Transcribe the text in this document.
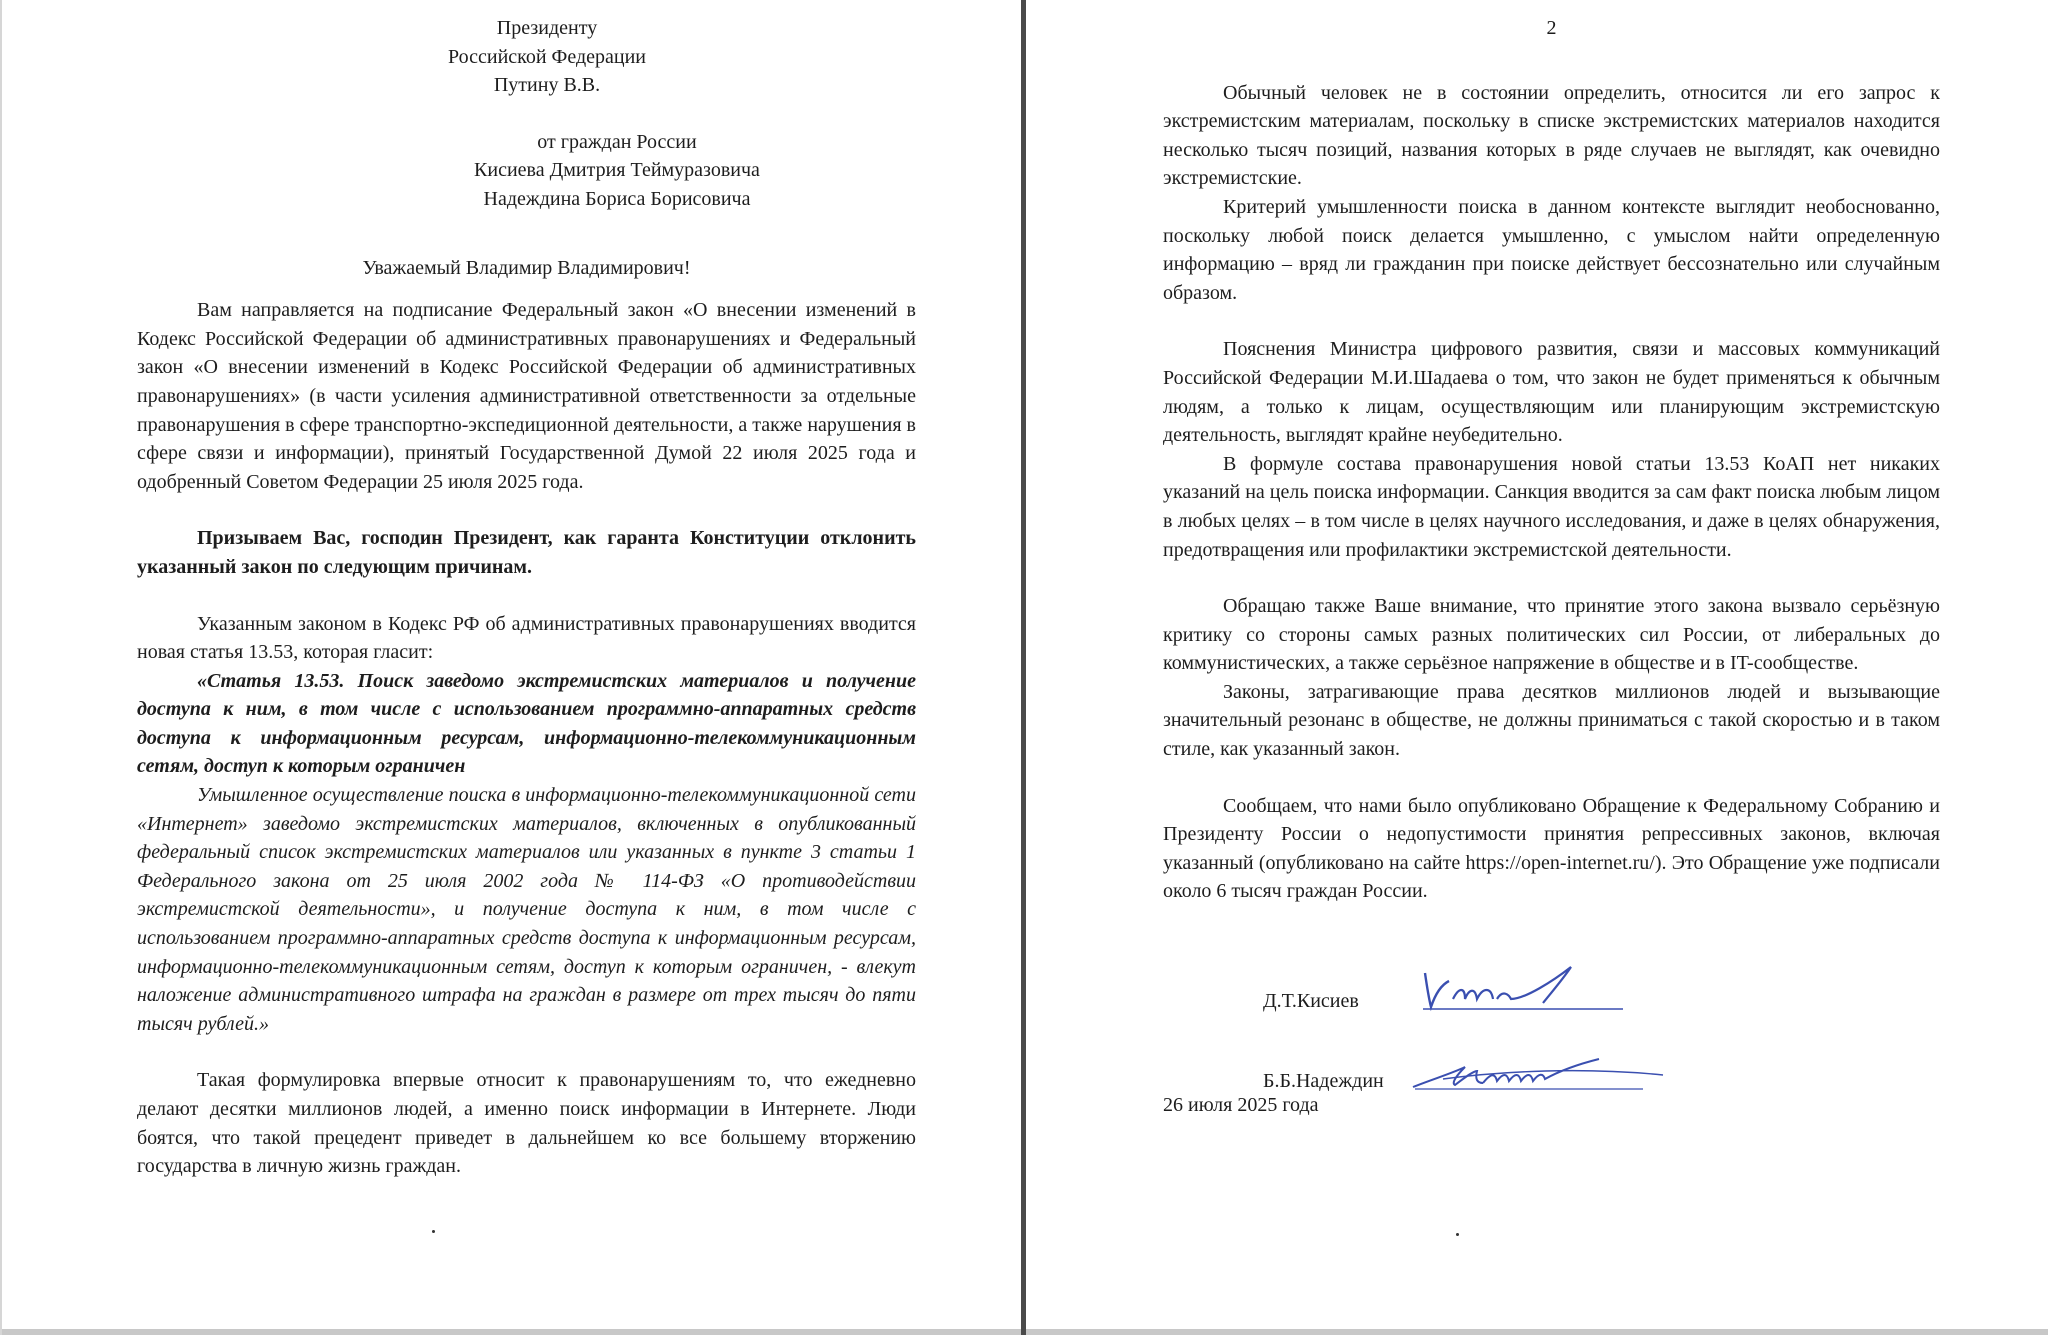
Президенту

Российской Федерации

Путину В.В.

от граждан России

Кисиева Дмитрия Теймуразовича

Надеждина Бориса Борисовича

Уважаемый Владимир Владимирович!

Вам направляется на подписание Федеральный закон «О внесении изменений в Кодекс Российской Федерации об административных правонарушениях и Федеральный закон «О внесении изменений в Кодекс Российской Федерации об административных правонарушениях» (в части усиления административной ответственности за отдельные правонарушения в сфере транспортно-экспедиционной деятельности, а также нарушения в сфере связи и информации), принятый Государственной Думой 22 июля 2025 года и одобренный Советом Федерации 25 июля 2025 года.

Призываем Вас, господин Президент, как гаранта Конституции отклонить указанный закон по следующим причинам.

Указанным законом в Кодекс РФ об административных правонарушениях вводится новая статья 13.53, которая гласит:

«Статья 13.53. Поиск заведомо экстремистских материалов и получение доступа к ним, в том числе с использованием программно-аппаратных средств доступа к информационным ресурсам, информационно-телекоммуникационным сетям, доступ к которым ограничен

Умышленное осуществление поиска в информационно-телекоммуникационной сети «Интернет» заведомо экстремистских материалов, включенных в опубликованный федеральный список экстремистских материалов или указанных в пункте 3 статьи 1 Федерального закона от 25 июля 2002 года № 114-ФЗ «О противодействии экстремистской деятельности», и получение доступа к ним, в том числе с использованием программно-аппаратных средств доступа к информационным ресурсам, информационно-телекоммуникационным сетям, доступ к которым ограничен, - влекут наложение административного штрафа на граждан в размере от трех тысяч до пяти тысяч рублей.»

Такая формулировка впервые относит к правонарушениям то, что ежедневно делают десятки миллионов людей, а именно поиск информации в Интернете. Люди боятся, что такой прецедент приведет в дальнейшем ко все большему вторжению государства в личную жизнь граждан.

2

Обычный человек не в состоянии определить, относится ли его запрос к экстремистским материалам, поскольку в списке экстремистских материалов находится несколько тысяч позиций, названия которых в ряде случаев не выглядят, как очевидно экстремистские.

Критерий умышленности поиска в данном контексте выглядит необоснованно, поскольку любой поиск делается умышленно, с умыслом найти определенную информацию – вряд ли гражданин при поиске действует бессознательно или случайным образом.

Пояснения Министра цифрового развития, связи и массовых коммуникаций Российской Федерации М.И.Шадаева о том, что закон не будет применяться к обычным людям, а только к лицам, осуществляющим или планирующим экстремистскую деятельность, выглядят крайне неубедительно.

В формуле состава правонарушения новой статьи 13.53 КоАП нет никаких указаний на цель поиска информации. Санкция вводится за сам факт поиска любым лицом в любых целях – в том числе в целях научного исследования, и даже в целях обнаружения, предотвращения или профилактики экстремистской деятельности.

Обращаю также Ваше внимание, что принятие этого закона вызвало серьёзную критику со стороны самых разных политических сил России, от либеральных до коммунистических, а также серьёзное напряжение в обществе и в IT-сообществе.

Законы, затрагивающие права десятков миллионов людей и вызывающие значительный резонанс в обществе, не должны приниматься с такой скоростью и в таком стиле, как указанный закон.

Сообщаем, что нами было опубликовано Обращение к Федеральному Собранию и Президенту России о недопустимости принятия репрессивных законов, включая указанный (опубликовано на сайте https://open-internet.ru/). Это Обращение уже подписали около 6 тысяч граждан России.

Д.Т.Кисиев
Б.Б.Надеждин

26 июля 2025 года
